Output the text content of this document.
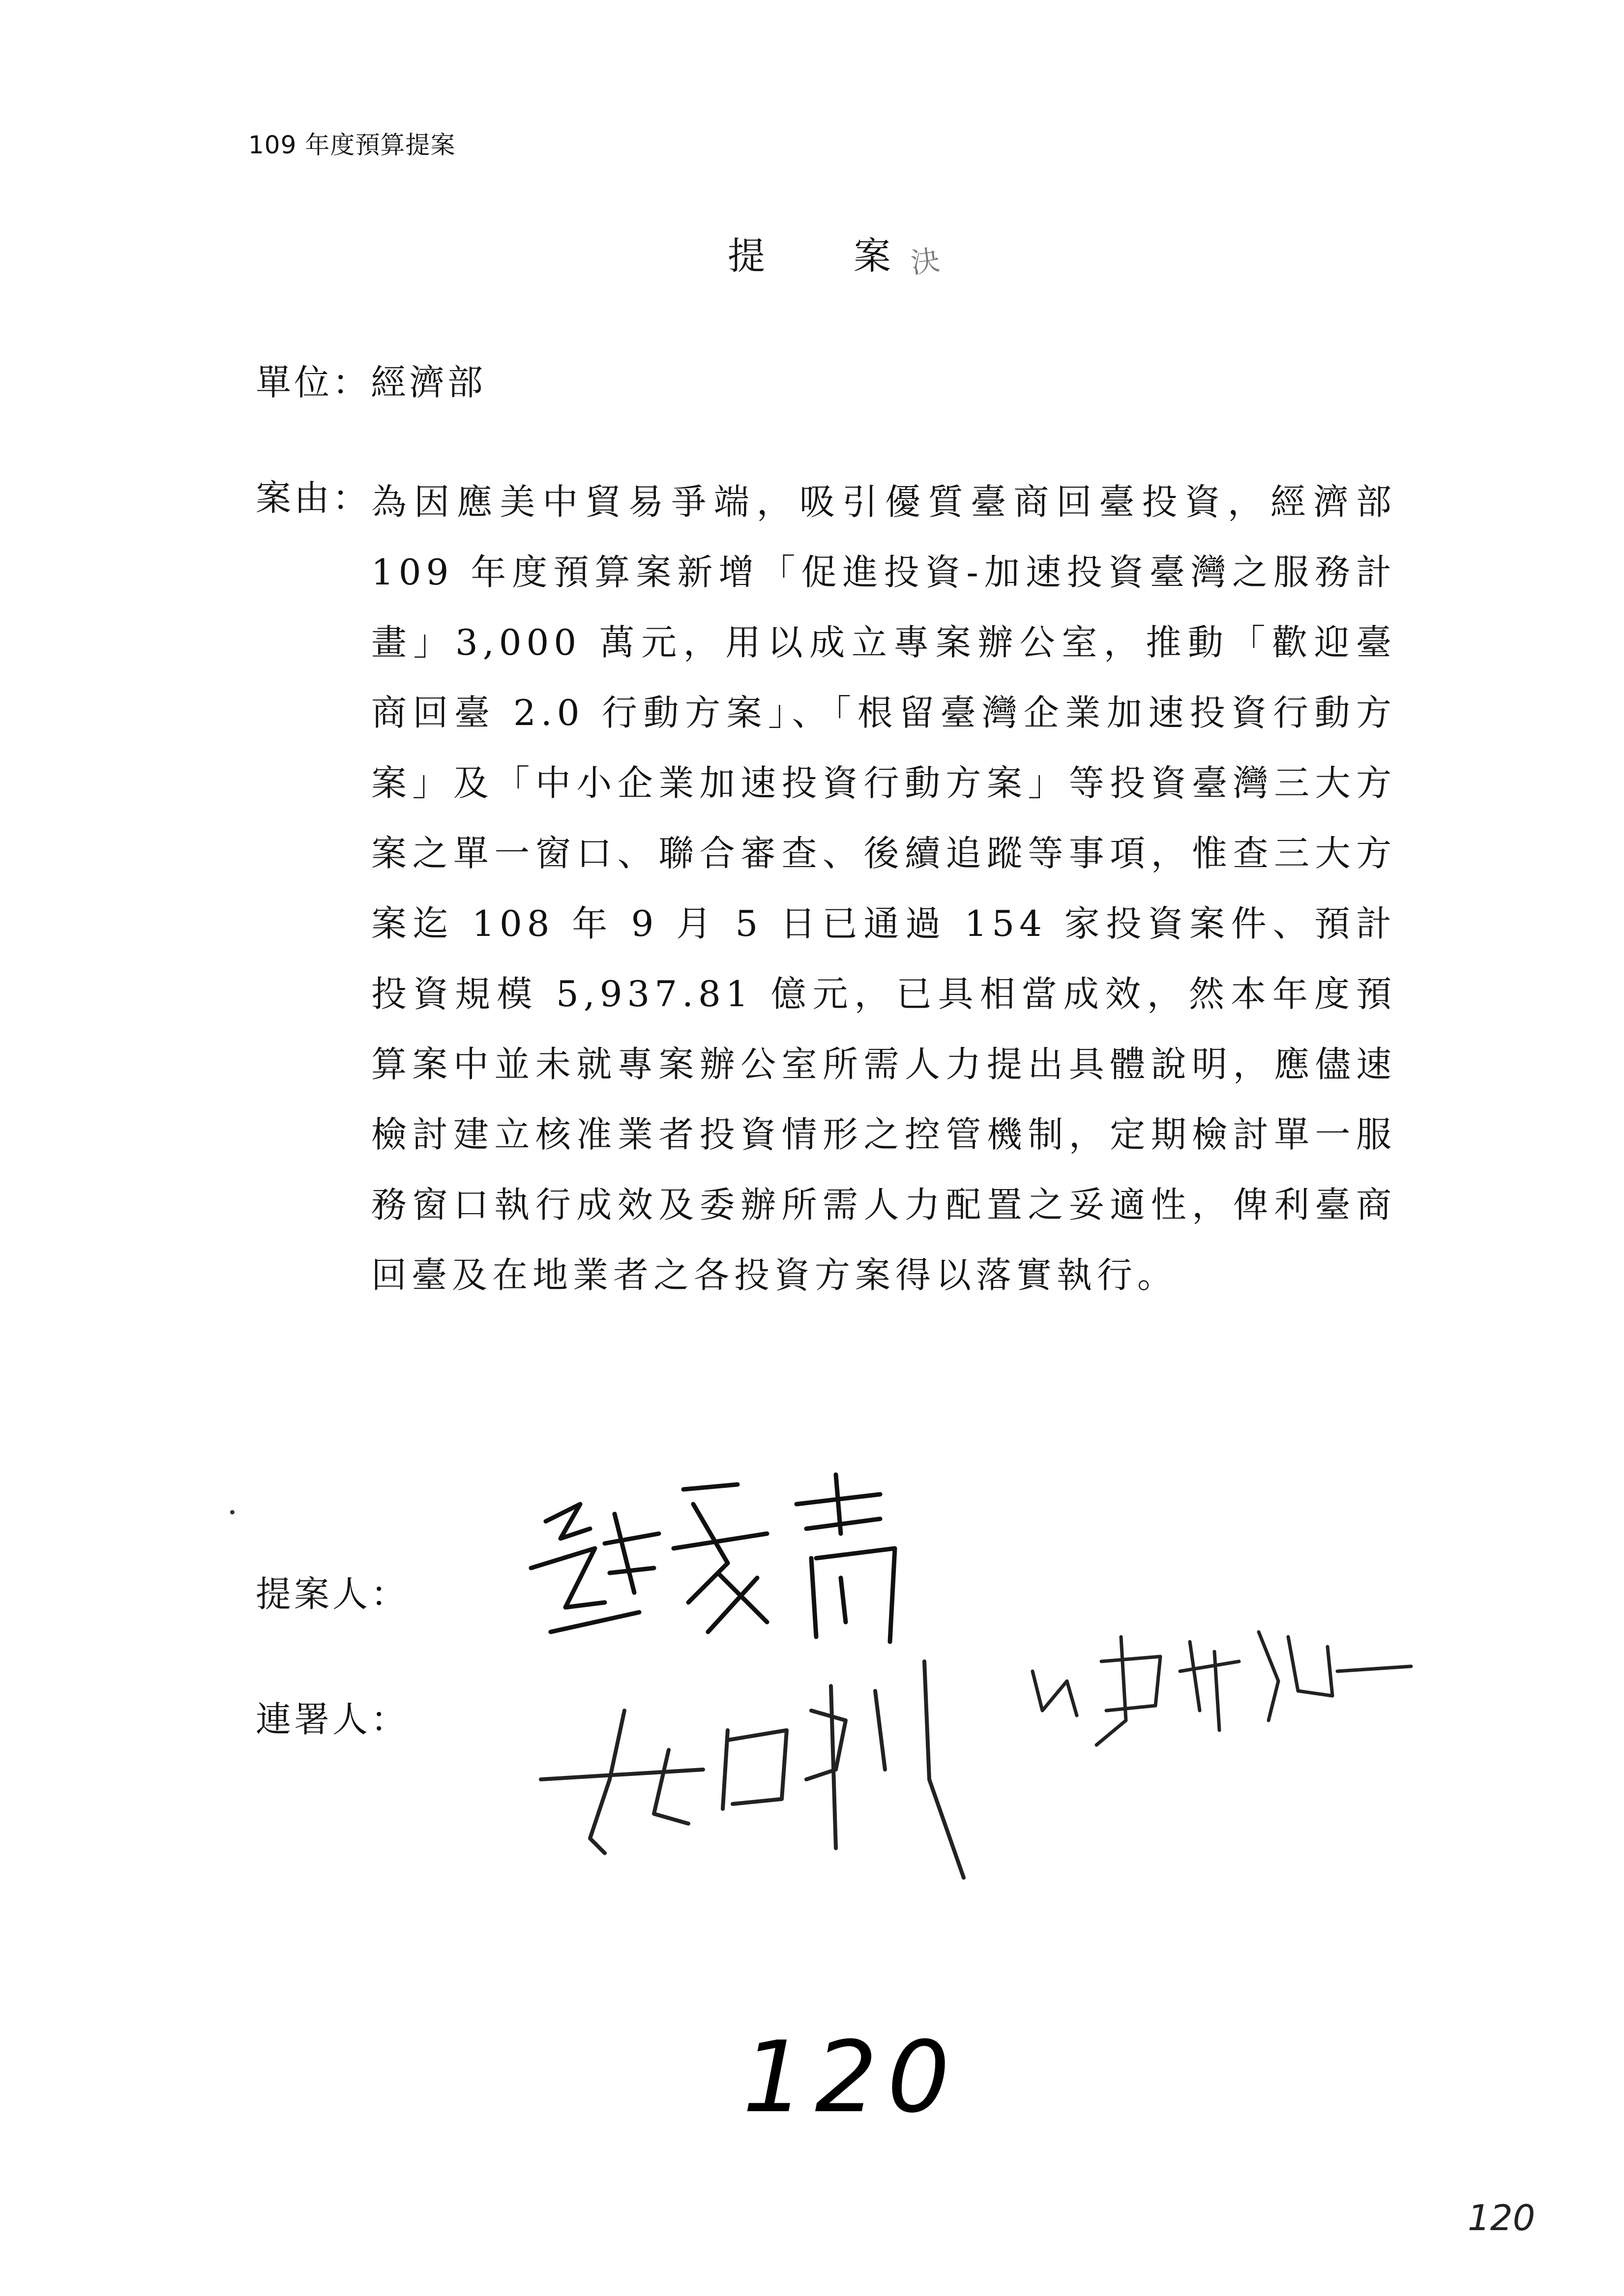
109 年度預算提案
提 案 決
單位：經濟部
案由： 為因應美中貿易爭端，吸引優質臺商回臺投資，經濟部 109 年度預算案新增「促進投資-加速投資臺灣之服務計畫」3,000 萬元，用以成立專案辦公室，推動「歡迎臺商回臺 2.0 行動方案」、「根留臺灣企業加速投資行動方案」及「中小企業加速投資行動方案」等投資臺灣三大方案之單一窗口、聯合審查、後續追蹤等事項，惟查三大方案迄 108 年 9 月 5 日已通過 154 家投資案件、預計投資規模 5,937.81 億元，已具相當成效，然本年度預算案中並未就專案辦公室所需人力提出具體說明，應儘速檢討建立核准業者投資情形之控管機制，定期檢討單一服務窗口執行成效及委辦所需人力配置之妥適性，俾利臺商回臺及在地業者之各投資方案得以落實執行。
提案人：
連署人：
120
120
